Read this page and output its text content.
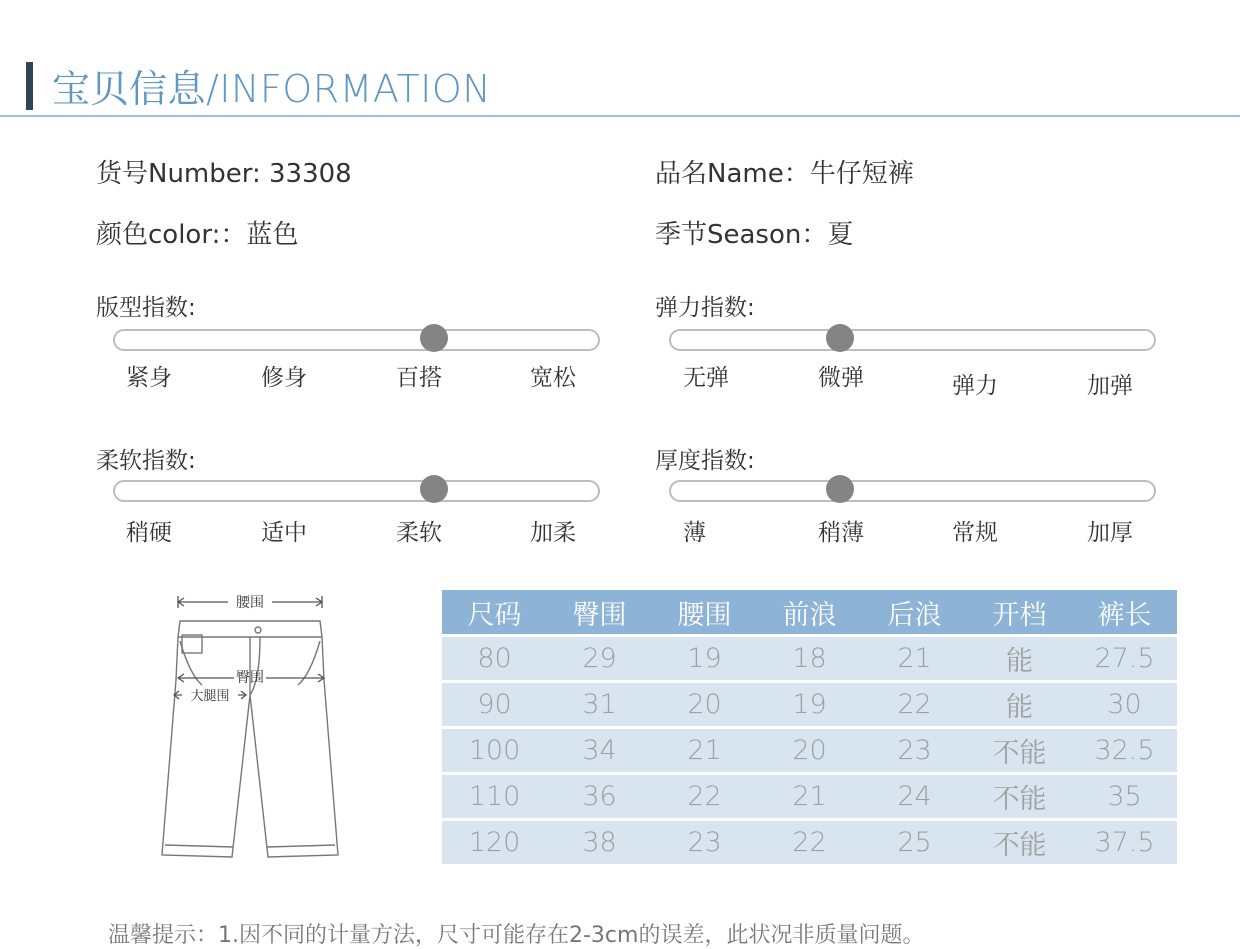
宝贝信息/INFORMATION
货号Number: 33308	品名Name：牛仔短裤
颜色color:：蓝色	季节Season：夏
版型指数:
紧身	修身	百搭	宽松
弹力指数:
无弹	微弹	弹力	加弹
柔软指数:
稍硬	适中	柔软	加柔
厚度指数:
薄	稍薄	常规	加厚
腰围
臀围
大腿围
尺码	臀围	腰围	前浪	后浪	开档	裤长
80	29	19	18	21	能	27.5
90	31	20	19	22	能	30
100	34	21	20	23	不能	32.5
110	36	22	21	24	不能	35
120	38	23	22	25	不能	37.5
温馨提示：1.因不同的计量方法，尺寸可能存在2-3cm的误差，此状况非质量问题。
